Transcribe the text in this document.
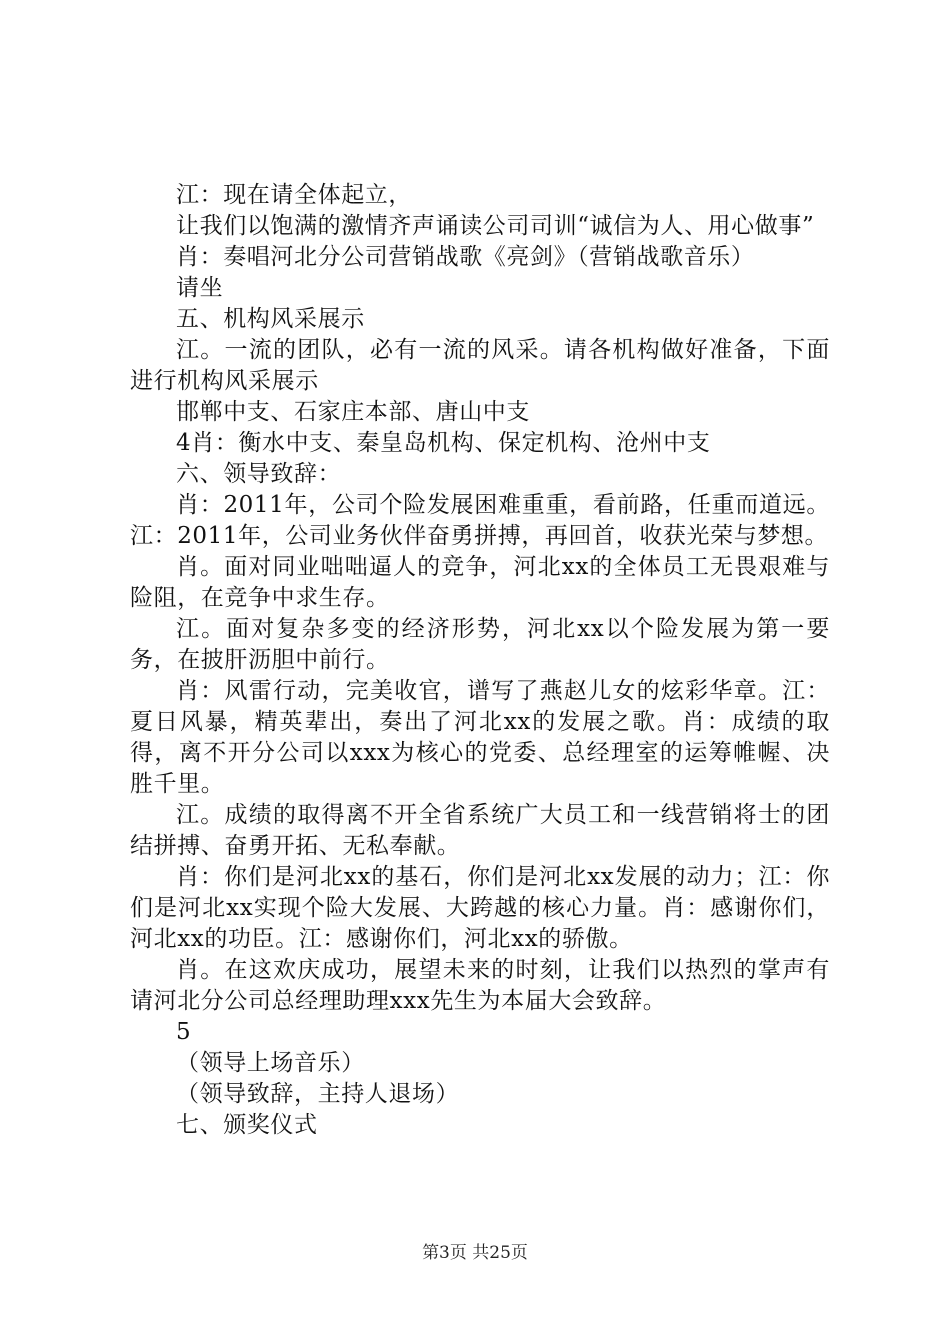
江：现在请全体起立，

让我们以饱满的激情齐声诵读公司司训“诚信为人、用心做事”

肖：奏唱河北分公司营销战歌《亮剑》（营销战歌音乐）

请坐

五、机构风采展示

江。一流的团队，必有一流的风采。请各机构做好准备，下面进行机构风采展示

邯郸中支、石家庄本部、唐山中支

4肖：衡水中支、秦皇岛机构、保定机构、沧州中支

六、领导致辞：

肖：2011年，公司个险发展困难重重，看前路，任重而道远。江：2011年，公司业务伙伴奋勇拼搏，再回首，收获光荣与梦想。

肖。面对同业咄咄逼人的竞争，河北xx的全体员工无畏艰难与险阻，在竞争中求生存。

江。面对复杂多变的经济形势，河北xx以个险发展为第一要务，在披肝沥胆中前行。

肖：风雷行动，完美收官，谱写了燕赵儿女的炫彩华章。江：夏日风暴，精英辈出，奏出了河北xx的发展之歌。肖：成绩的取得，离不开分公司以xxx为核心的党委、总经理室的运筹帷幄、决胜千里。

江。成绩的取得离不开全省系统广大员工和一线营销将士的团结拼搏、奋勇开拓、无私奉献。

肖：你们是河北xx的基石，你们是河北xx发展的动力；江：你们是河北xx实现个险大发展、大跨越的核心力量。肖：感谢你们，河北xx的功臣。江：感谢你们，河北xx的骄傲。

肖。在这欢庆成功，展望未来的时刻，让我们以热烈的掌声有请河北分公司总经理助理xxx先生为本届大会致辞。

5

（领导上场音乐）

（领导致辞，主持人退场）

七、颁奖仪式

第3页 共25页
